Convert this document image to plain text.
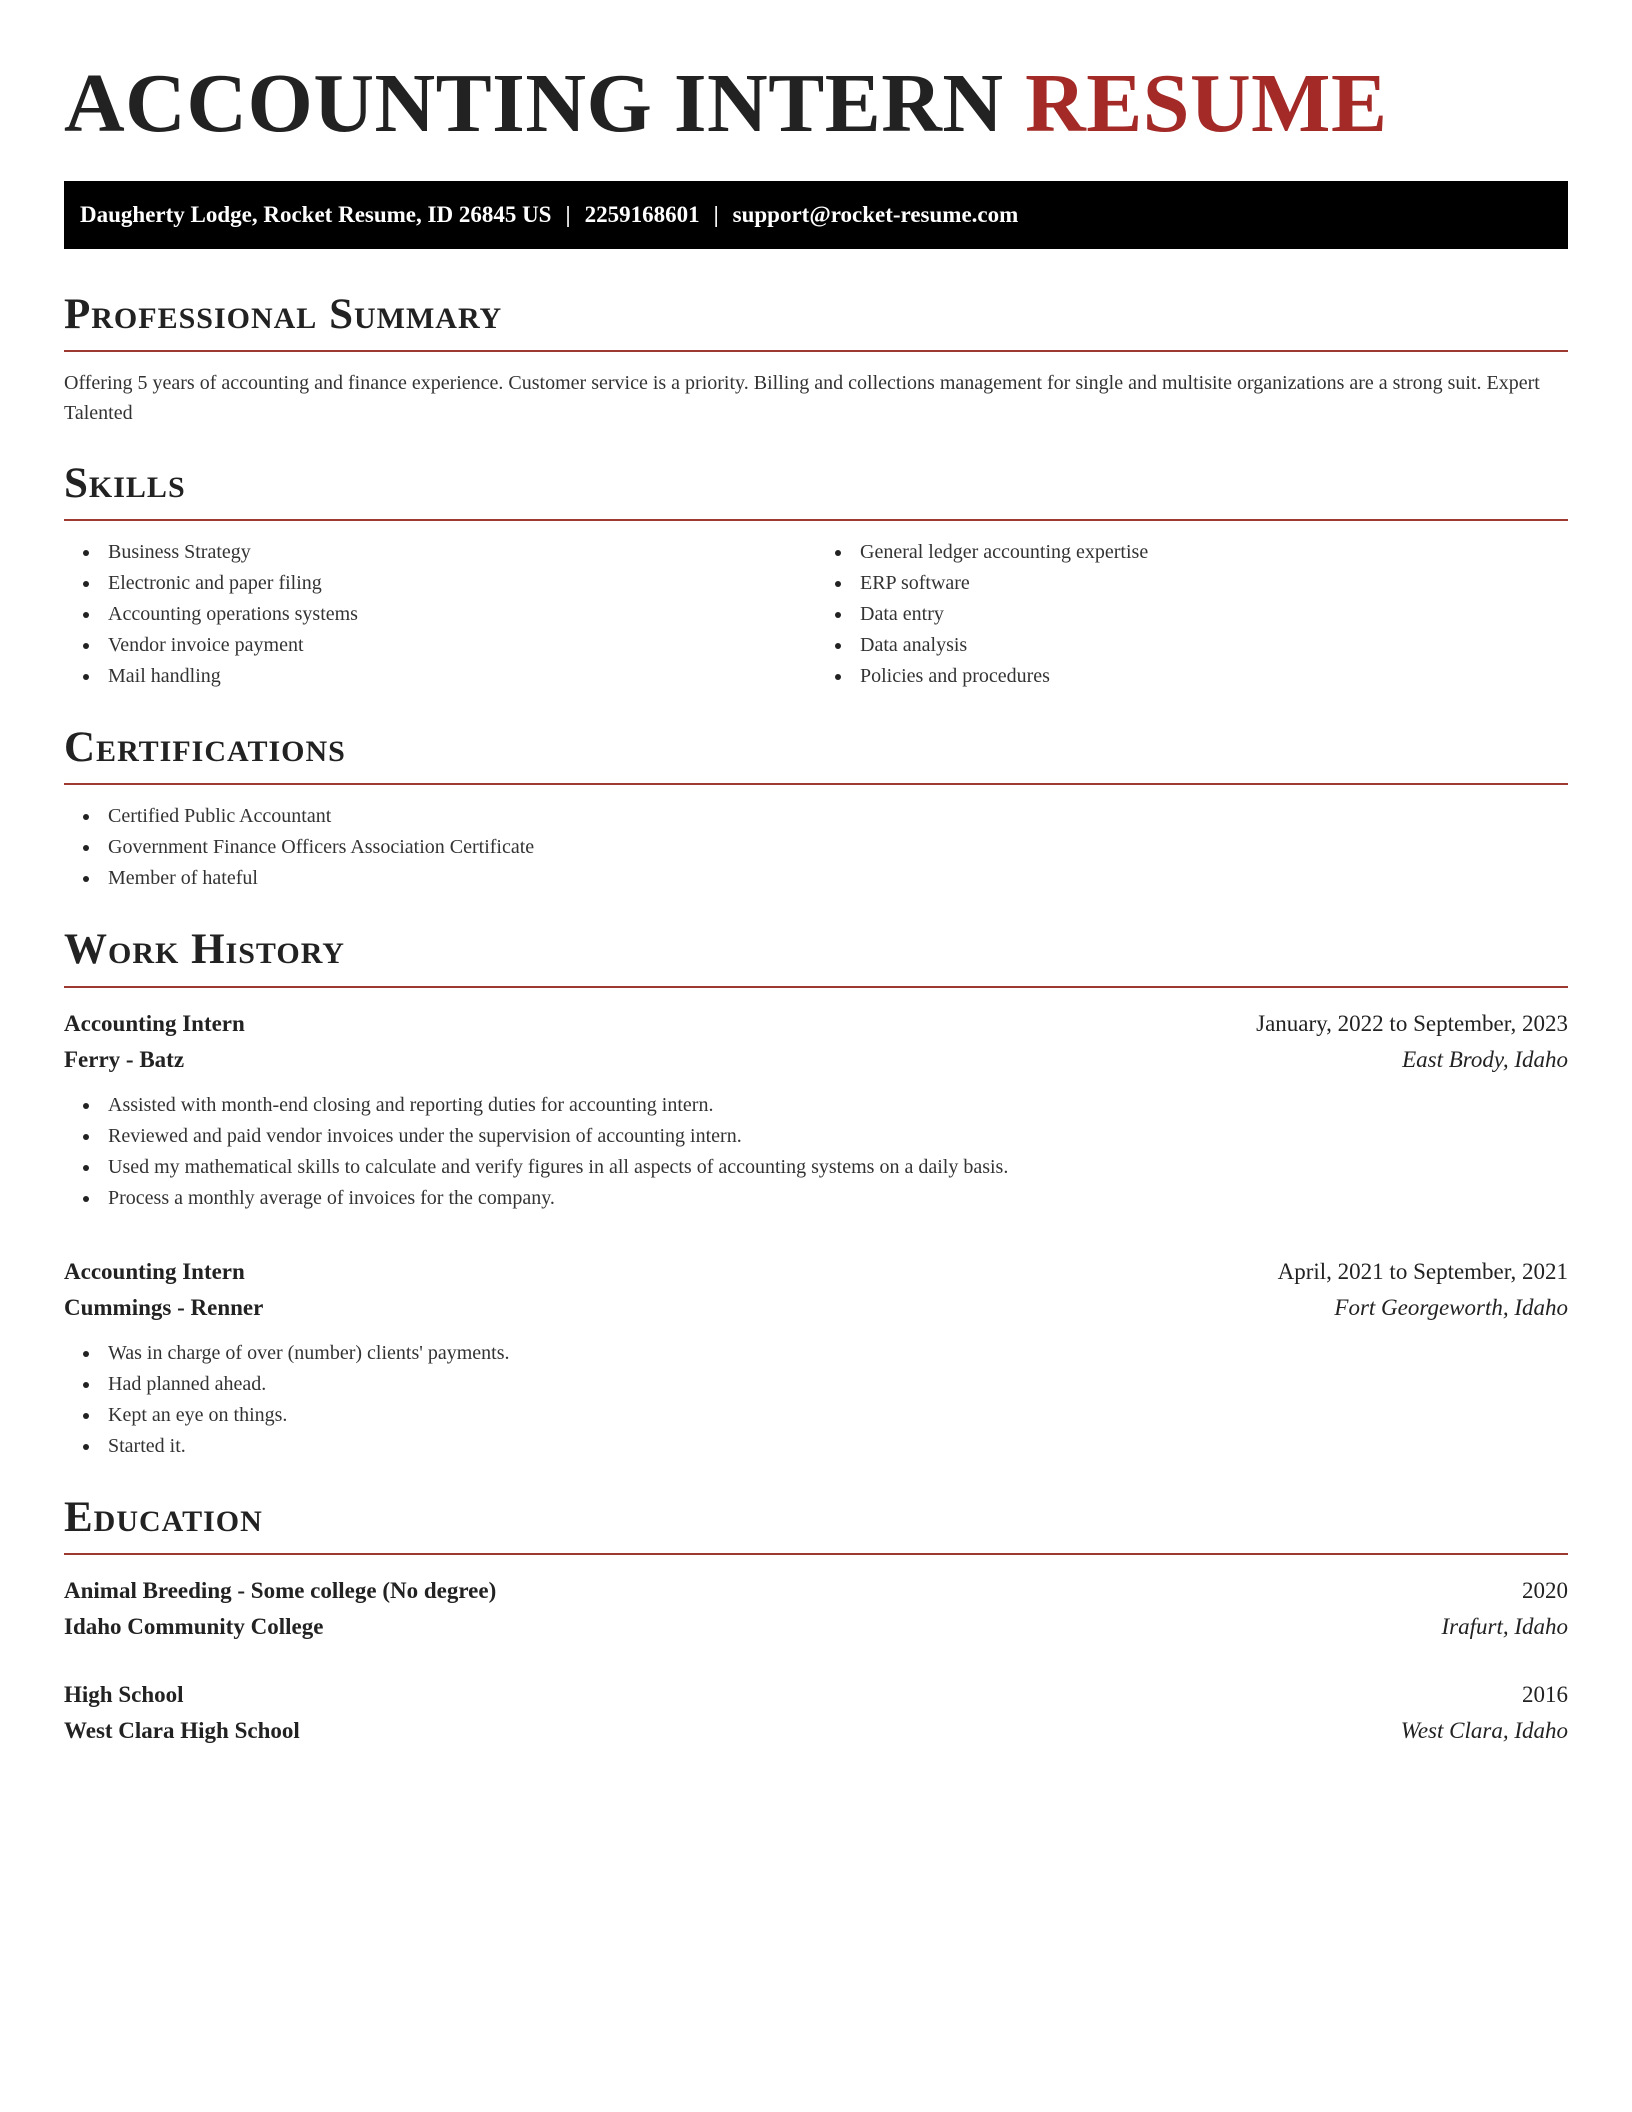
ACCOUNTING INTERN RESUME
Daugherty Lodge, Rocket Resume, ID 26845 US | 2259168601 | support@rocket-resume.com
Professional Summary

Offering 5 years of accounting and finance experience. Customer service is a priority. Billing and collections management for single and multisite organizations are a strong suit. Expert Talented

Skills
Business Strategy
Electronic and paper filing
Accounting operations systems
Vendor invoice payment
Mail handling
General ledger accounting expertise
ERP software
Data entry
Data analysis
Policies and procedures
Certifications
Certified Public Accountant
Government Finance Officers Association Certificate
Member of hateful
Work History
Accounting Intern	January, 2022 to September, 2023
Ferry - Batz	East Brody, Idaho
Assisted with month-end closing and reporting duties for accounting intern.
Reviewed and paid vendor invoices under the supervision of accounting intern.
Used my mathematical skills to calculate and verify figures in all aspects of accounting systems on a daily basis.
Process a monthly average of invoices for the company.
Accounting Intern	April, 2021 to September, 2021
Cummings - Renner	Fort Georgeworth, Idaho
Was in charge of over (number) clients' payments.
Had planned ahead.
Kept an eye on things.
Started it.
Education
Animal Breeding - Some college (No degree)	2020
Idaho Community College	Irafurt, Idaho
High School	2016
West Clara High School	West Clara, Idaho
